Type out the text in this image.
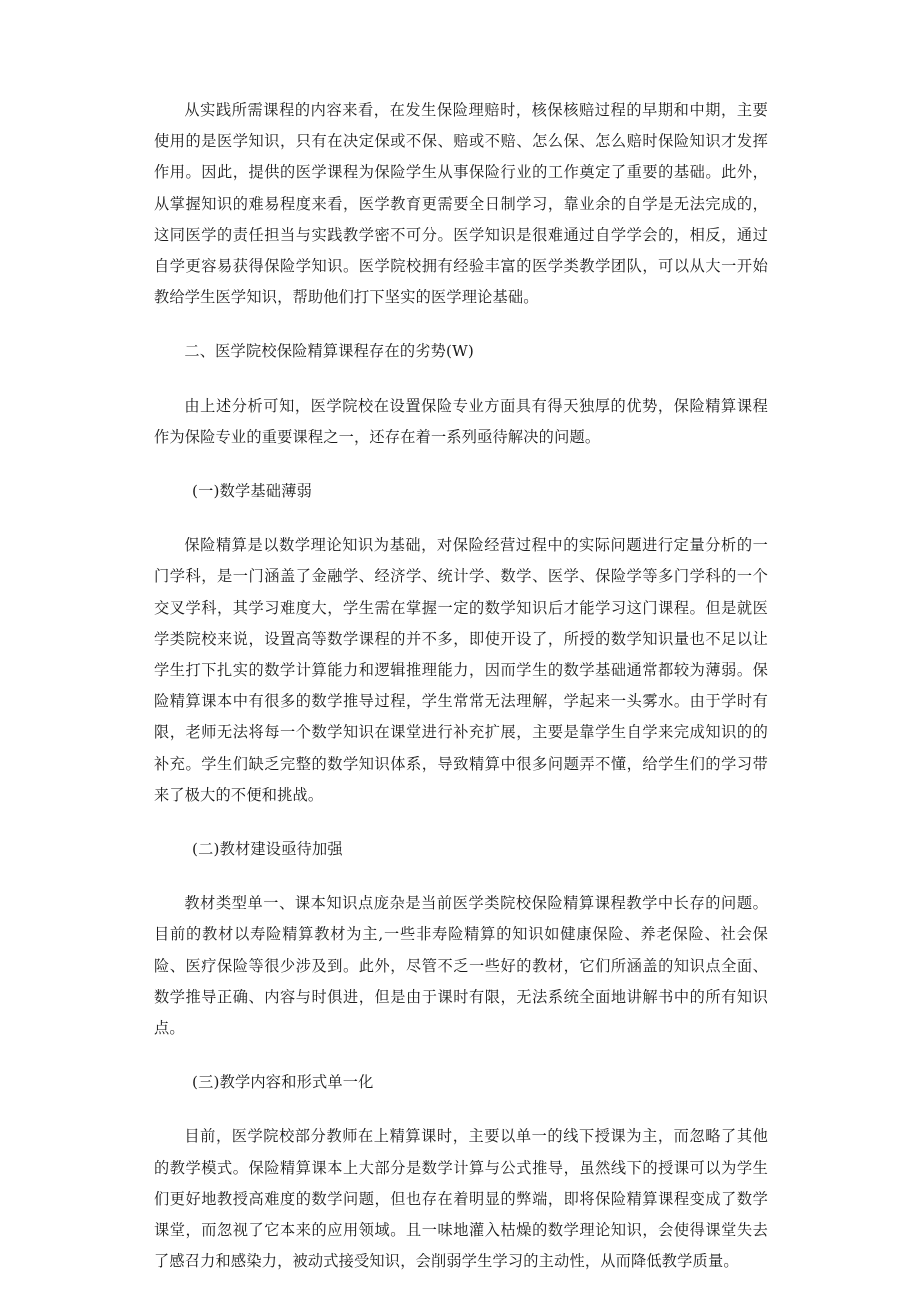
从实践所需课程的内容来看，在发生保险理赔时，核保核赔过程的早期和中期，主要使用的是医学知识，只有在决定保或不保、赔或不赔、怎么保、怎么赔时保险知识才发挥作用。因此，提供的医学课程为保险学生从事保险行业的工作奠定了重要的基础。此外，从掌握知识的难易程度来看，医学教育更需要全日制学习，靠业余的自学是无法完成的，这同医学的责任担当与实践教学密不可分。医学知识是很难通过自学学会的，相反，通过自学更容易获得保险学知识。医学院校拥有经验丰富的医学类教学团队，可以从大一开始教给学生医学知识，帮助他们打下坚实的医学理论基础。

二、医学院校保险精算课程存在的劣势(W)

由上述分析可知，医学院校在设置保险专业方面具有得天独厚的优势，保险精算课程作为保险专业的重要课程之一，还存在着一系列亟待解决的问题。

(一)数学基础薄弱

保险精算是以数学理论知识为基础，对保险经营过程中的实际问题进行定量分析的一门学科，是一门涵盖了金融学、经济学、统计学、数学、医学、保险学等多门学科的一个交叉学科，其学习难度大，学生需在掌握一定的数学知识后才能学习这门课程。但是就医学类院校来说，设置高等数学课程的并不多，即使开设了，所授的数学知识量也不足以让学生打下扎实的数学计算能力和逻辑推理能力，因而学生的数学基础通常都较为薄弱。保险精算课本中有很多的数学推导过程，学生常常无法理解，学起来一头雾水。由于学时有限，老师无法将每一个数学知识在课堂进行补充扩展，主要是靠学生自学来完成知识的的补充。学生们缺乏完整的数学知识体系，导致精算中很多问题弄不懂，给学生们的学习带来了极大的不便和挑战。

(二)教材建设亟待加强

教材类型单一、课本知识点庞杂是当前医学类院校保险精算课程教学中长存的问题。目前的教材以寿险精算教材为主,一些非寿险精算的知识如健康保险、养老保险、社会保险、医疗保险等很少涉及到。此外，尽管不乏一些好的教材，它们所涵盖的知识点全面、数学推导正确、内容与时俱进，但是由于课时有限，无法系统全面地讲解书中的所有知识点。

(三)教学内容和形式单一化

目前，医学院校部分教师在上精算课时，主要以单一的线下授课为主，而忽略了其他的教学模式。保险精算课本上大部分是数学计算与公式推导，虽然线下的授课可以为学生们更好地教授高难度的数学问题，但也存在着明显的弊端，即将保险精算课程变成了数学课堂，而忽视了它本来的应用领域。且一味地灌入枯燥的数学理论知识，会使得课堂失去了感召力和感染力，被动式接受知识，会削弱学生学习的主动性，从而降低教学质量。
